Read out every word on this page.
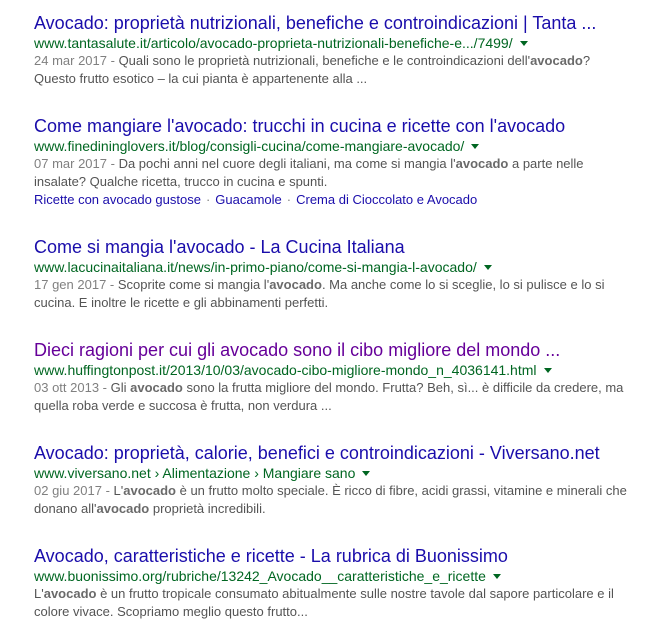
Avocado: proprietà nutrizionali, benefiche e controindicazioni | Tanta ...
www.tantasalute.it/articolo/avocado-proprieta-nutrizionali-benefiche-e.../7499/
24 mar 2017 - Quali sono le proprietà nutrizionali, benefiche e le controindicazioni dell'avocado? Questo frutto esotico – la cui pianta è appartenente alla ...
Come mangiare l'avocado: trucchi in cucina e ricette con l'avocado
www.finedininglovers.it/blog/consigli-cucina/come-mangiare-avocado/
07 mar 2017 - Da pochi anni nel cuore degli italiani, ma come si mangia l'avocado a parte nelle insalate? Qualche ricetta, trucco in cucina e spunti.
Ricette con avocado gustose · Guacamole · Crema di Cioccolato e Avocado
Come si mangia l'avocado - La Cucina Italiana
www.lacucinaitaliana.it/news/in-primo-piano/come-si-mangia-l-avocado/
17 gen 2017 - Scoprite come si mangia l'avocado. Ma anche come lo si sceglie, lo si pulisce e lo si cucina. E inoltre le ricette e gli abbinamenti perfetti.
Dieci ragioni per cui gli avocado sono il cibo migliore del mondo ...
www.huffingtonpost.it/2013/10/03/avocado-cibo-migliore-mondo_n_4036141.html
03 ott 2013 - Gli avocado sono la frutta migliore del mondo. Frutta? Beh, sì... è difficile da credere, ma quella roba verde e succosa è frutta, non verdura ...
Avocado: proprietà, calorie, benefici e controindicazioni - Viversano.net
www.viversano.net › Alimentazione › Mangiare sano
02 giu 2017 - L'avocado è un frutto molto speciale. È ricco di fibre, acidi grassi, vitamine e minerali che donano all'avocado proprietà incredibili.
Avocado, caratteristiche e ricette - La rubrica di Buonissimo
www.buonissimo.org/rubriche/13242_Avocado__caratteristiche_e_ricette
L'avocado è un frutto tropicale consumato abitualmente sulle nostre tavole dal sapore particolare e il colore vivace. Scopriamo meglio questo frutto...
